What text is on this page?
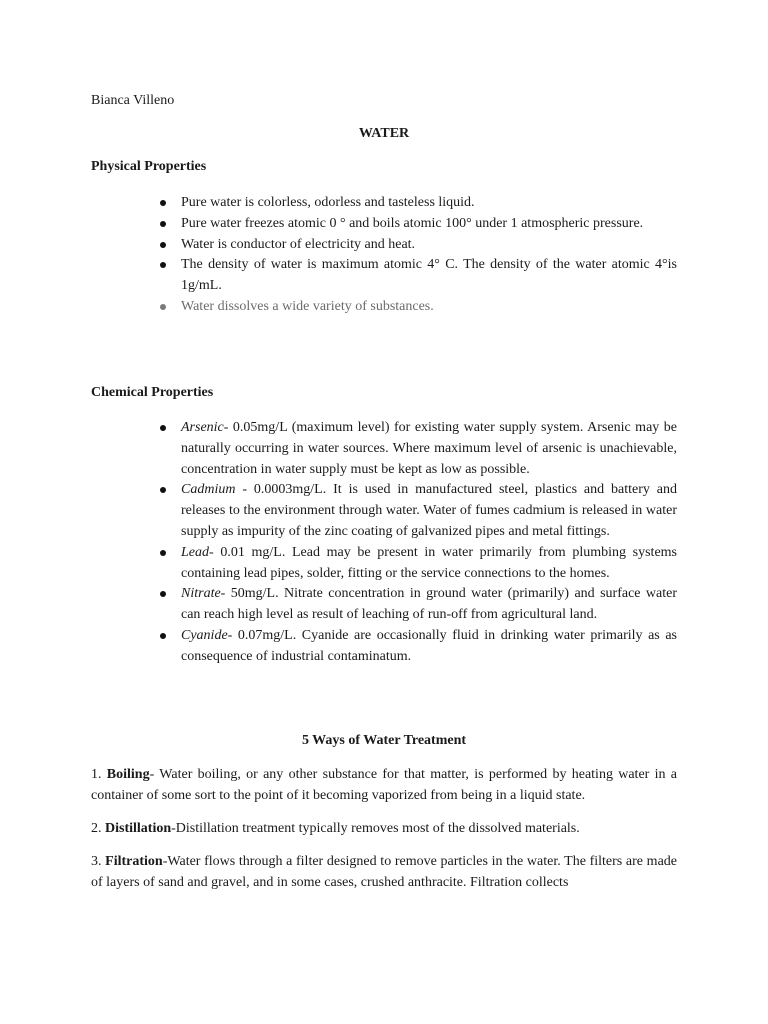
Bianca Villeno
WATER
Physical Properties
Pure water is colorless, odorless and tasteless liquid.
Pure water freezes atomic 0 ° and boils atomic 100° under 1 atmospheric pressure.
Water is conductor of electricity and heat.
The density of water is maximum atomic 4° C. The density of the water atomic 4°is 1g/mL.
Water dissolves a wide variety of substances.
Chemical Properties
Arsenic- 0.05mg/L (maximum level) for existing water supply system. Arsenic may be naturally occurring in water sources. Where maximum level of arsenic is unachievable, concentration in water supply must be kept as low as possible.
Cadmium - 0.0003mg/L. It is used in manufactured steel, plastics and battery and releases to the environment through water. Water of fumes cadmium is released in water supply as impurity of the zinc coating of galvanized pipes and metal fittings.
Lead- 0.01 mg/L. Lead may be present in water primarily from plumbing systems containing lead pipes, solder, fitting or the service connections to the homes.
Nitrate- 50mg/L. Nitrate concentration in ground water (primarily) and surface water can reach high level as result of leaching of run-off from agricultural land.
Cyanide- 0.07mg/L. Cyanide are occasionally fluid in drinking water primarily as as consequence of industrial contaminatum.
5 Ways of Water Treatment
1. Boiling- Water boiling, or any other substance for that matter, is performed by heating water in a container of some sort to the point of it becoming vaporized from being in a liquid state.
2. Distillation-Distillation treatment typically removes most of the dissolved materials.
3. Filtration-Water flows through a filter designed to remove particles in the water. The filters are made of layers of sand and gravel, and in some cases, crushed anthracite. Filtration collects
